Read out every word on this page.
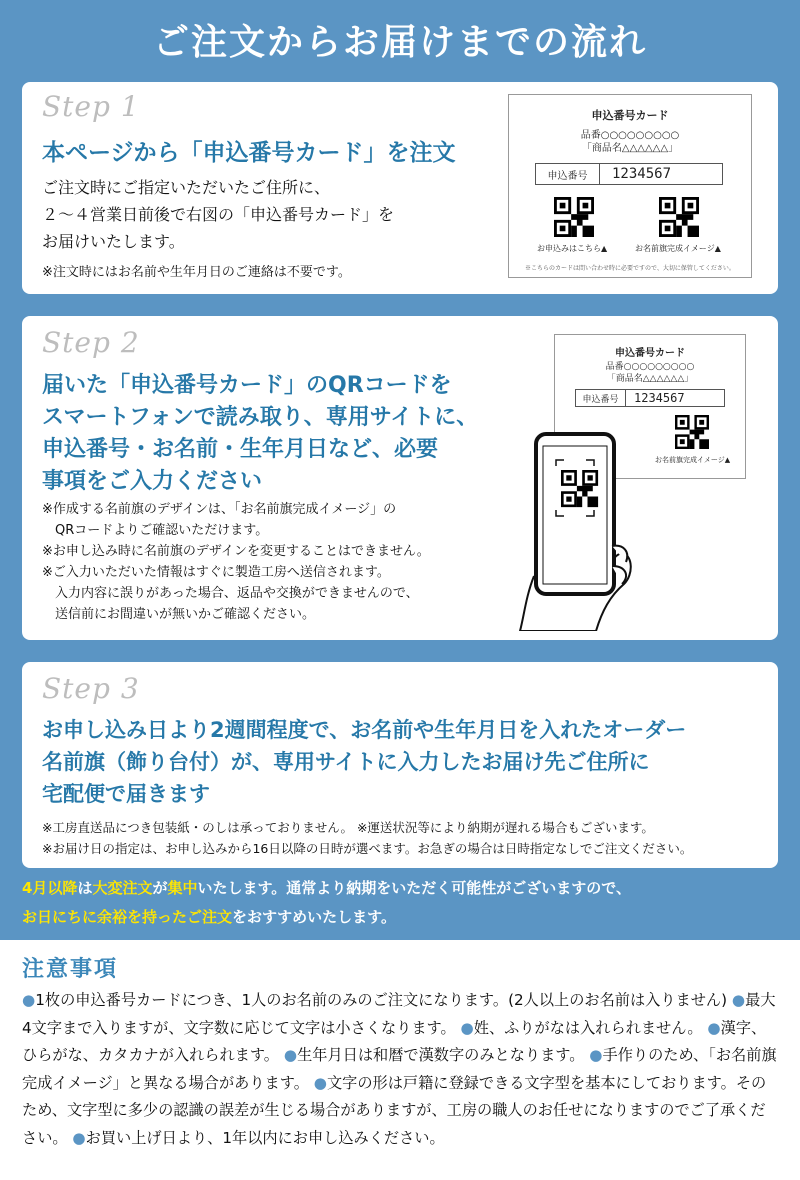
ご注文からお届けまでの流れ
Step 1
本ページから「申込番号カード」を注文
ご注文時にご指定いただいたご住所に、
２～４営業日前後で右図の「申込番号カード」を
お届けいたします。
※注文時にはお名前や生年月日のご連絡は不要です。
申込番号カード
品番○○○○○○○○○
「商品名△△△△△△」
申込番号	1234567
お申込みはこちら▲	お名前旗完成イメージ▲
※こちらのカードは問い合わせ時に必要ですので、大切に保管してください。
Step 2
届いた「申込番号カード」のQRコードを
スマートフォンで読み取り、専用サイトに、
申込番号・お名前・生年月日など、必要
事項をご入力ください
※作成する名前旗のデザインは、「お名前旗完成イメージ」の
　QRコードよりご確認いただけます。
※お申し込み時に名前旗のデザインを変更することはできません。
※ご入力いただいた情報はすぐに製造工房へ送信されます。
　入力内容に誤りがあった場合、返品や交換ができませんので、
　送信前にお間違いが無いかご確認ください。
申込番号カード
品番○○○○○○○○○
「商品名△△△△△△」
申込番号	1234567
お名前旗完成イメージ▲
Step 3
お申し込み日より2週間程度で、お名前や生年月日を入れたオーダー
名前旗（飾り台付）が、専用サイトに入力したお届け先ご住所に
宅配便で届きます
※工房直送品につき包装紙・のしは承っておりません。 ※運送状況等により納期が遅れる場合もございます。
※お届け日の指定は、お申し込みから16日以降の日時が選べます。お急ぎの場合は日時指定なしでご注文ください。
4月以降は大変注文が集中いたします。通常より納期をいただく可能性がございますので、
お日にちに余裕を持ったご注文をおすすめいたします。
注意事項
●1枚の申込番号カードにつき、1人のお名前のみのご注文になります。(2人以上のお名前は入りません) ●最大4文字まで入りますが、文字数に応じて文字は小さくなります。 ●姓、ふりがなは入れられません。 ●漢字、ひらがな、カタカナが入れられます。 ●生年月日は和暦で漢数字のみとなります。 ●手作りのため、「お名前旗完成イメージ」と異なる場合があります。 ●文字の形は戸籍に登録できる文字型を基本にしております。そのため、文字型に多少の認識の誤差が生じる場合がありますが、工房の職人のお任せになりますのでご了承ください。 ●お買い上げ日より、1年以内にお申し込みください。
